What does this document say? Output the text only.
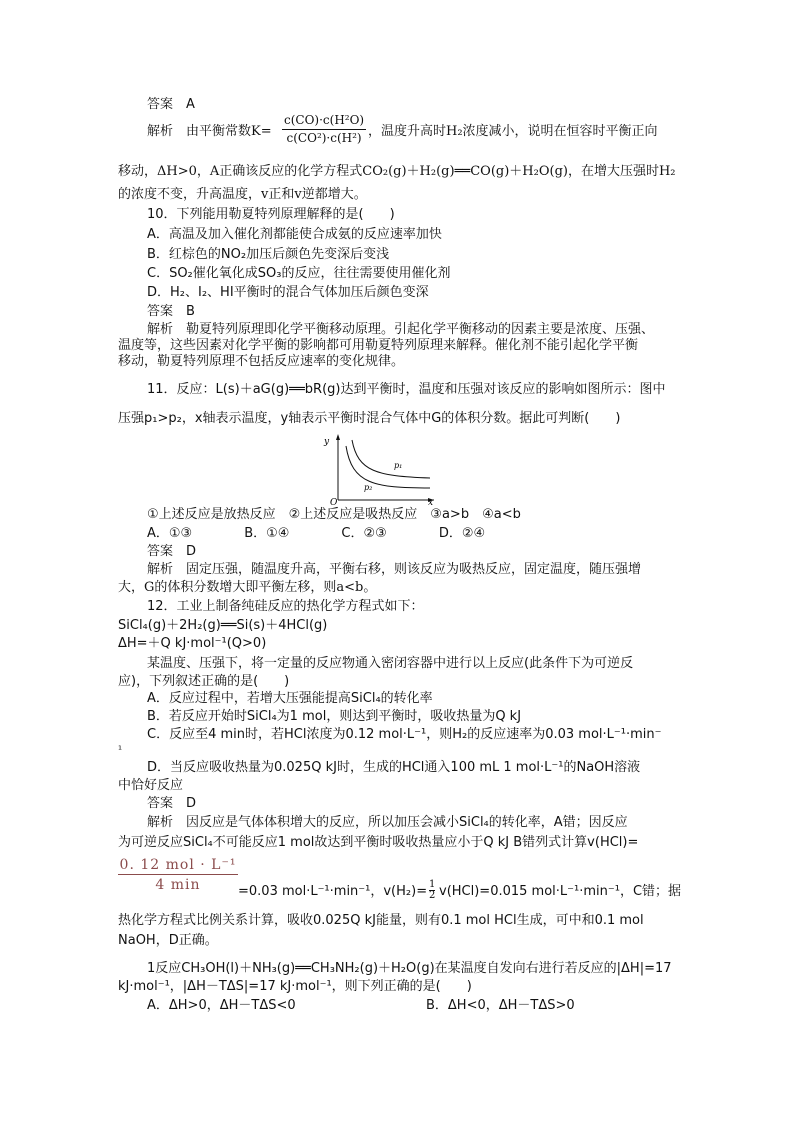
答案　A
解析　由平衡常数$K= \frac{\text{c(CO)·c(H²O)}}{\text{c(CO²)·c(H²)}}$ ，温度升高时H₂浓度减小，说明在恒容时平衡正向
移动，ΔH>0，A正确该反应的化学方程式CO₂(g)＋H₂(g)══CO(g)＋H₂O(g)，在增大压强时H₂
的浓度不变，升高温度，v正和v逆都增大。
10．下列能用勒夏特列原理解释的是(　　)
A．高温及加入催化剂都能使合成氨的反应速率加快
B．红棕色的NO₂加压后颜色先变深后变浅
C．SO₂催化氧化成SO₃的反应，往往需要使用催化剂
D．H₂、I₂、HI平衡时的混合气体加压后颜色变深
答案　B
解析　勒夏特列原理即化学平衡移动原理。引起化学平衡移动的因素主要是浓度、压强、
温度等，这些因素对化学平衡的影响都可用勒夏特列原理来解释。催化剂不能引起化学平衡
移动，勒夏特列原理不包括反应速率的变化规律。
11．反应：L(s)＋aG(g)══bR(g)达到平衡时，温度和压强对该反应的影响如图所示：图中
压强p₁>p₂，x轴表示温度，y轴表示平衡时混合气体中G的体积分数。据此可判断(　　)
y
x
O
p₁
p₂
①上述反应是放热反应　②上述反应是吸热反应　③a>b　④a<b
A．①③　　　　B．①④　　　　C．②③　　　　D．②④
答案　D
解析　固定压强，随温度升高，平衡右移，则该反应为吸热反应，固定温度，随压强增
大，G的体积分数增大即平衡左移，则a<b。
12．工业上制备纯硅反应的热化学方程式如下：
SiCl₄(g)＋2H₂(g)══Si(s)＋4HCl(g)
ΔH=＋Q kJ·mol⁻¹(Q>0)
某温度、压强下，将一定量的反应物通入密闭容器中进行以上反应(此条件下为可逆反
应)，下列叙述正确的是(　　)
A．反应过程中，若增大压强能提高SiCl₄的转化率
B．若反应开始时SiCl₄为1 mol，则达到平衡时，吸收热量为Q kJ
C．反应至4 min时，若HCl浓度为0.12 mol·L⁻¹，则H₂的反应速率为0.03 mol·L⁻¹·min⁻
¹
D．当反应吸收热量为0.025Q kJ时，生成的HCl通入100 mL 1 mol·L⁻¹的NaOH溶液
中恰好反应
答案　D
解析　因反应是气体体积增大的反应，所以加压会减小SiCl₄的转化率，A错；因反应
为可逆反应SiCl₄不可能反应1 mol故达到平衡时吸收热量应小于Q kJ B错列式计算v(HCl)=
0. 12 mol · L⁻¹
4 min	=0.03 mol·L⁻¹·min⁻¹，$v(H_2)= \frac{1}{2} v(HCl)=0.015$ mol·L⁻¹·min⁻¹，C错；据
热化学方程式比例关系计算，吸收0.025Q kJ能量，则有0.1 mol HCl生成，可中和0.1 mol
NaOH，D正确。
1反应CH₃OH(l)＋NH₃(g)══CH₃NH₂(g)＋H₂O(g)在某温度自发向右进行若反应的|ΔH|=17
kJ·mol⁻¹，|ΔH－TΔS|=17 kJ·mol⁻¹，则下列正确的是(　　)
A．ΔH>0，ΔH－TΔS<0	B．ΔH<0，ΔH－TΔS>0
